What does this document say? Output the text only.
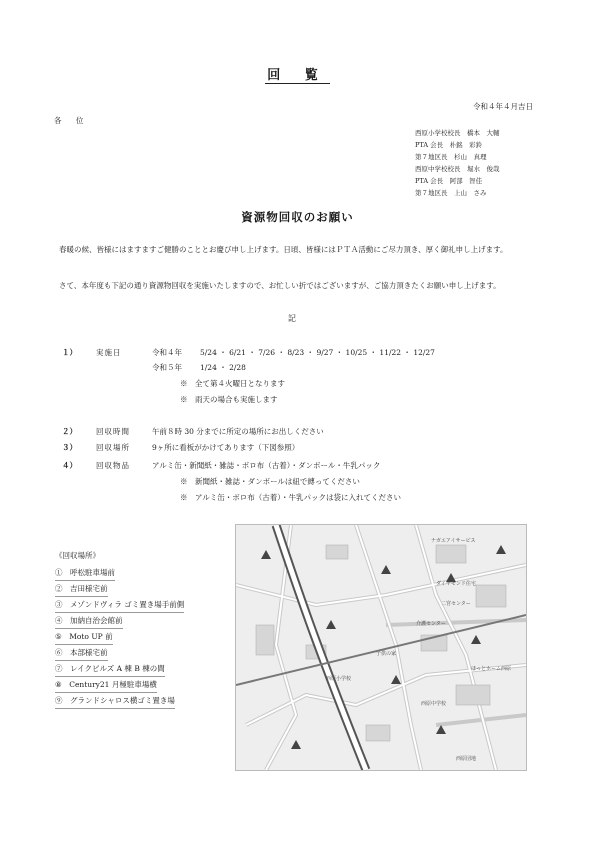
回 覧
令和４年４月吉日
各 位
西原小学校校長　 橋本　大輔
PTA 会長　 朴銘　彩鈴
第７地区長　 杉山　真理
西原中学校校長　 堀水　俊哉
PTA 会長　 阿部　智佳
第７地区長　 上山　さみ
資源物回収のお願い
春暖の候、皆様にはますますご健勝のこととお慶び申し上げます。日頃、皆様にはＰＴＡ活動にご尽力頂き、厚く御礼申し上げます。
さて、本年度も下記の通り資源物回収を実施いたしますので、お忙しい折ではございますが、ご協力頂きたくお願い申し上げます。
記
１）	実施日	令和４年 5/24 ・ 6/21 ・ 7/26 ・ 8/23 ・ 9/27 ・ 10/25 ・ 11/22 ・ 12/27
令和５年 1/24 ・ 2/28
※　全て第４火曜日となります
※　雨天の場合も実施します
２）	回収時間	午前８時 30 分までに所定の場所にお出しください
３）	回収場所	9ヶ所に看板がかけてあります（下図参照）
４）	回収物品	アルミ缶・新聞紙・雑誌・ボロ布（古着）・ダンボール・牛乳パック
※　新聞紙・雑誌・ダンボールは紐で縛ってください
※　アルミ缶・ボロ布（古着）・牛乳パックは袋に入れてください
《回収場所》
①　呼松駐車場前
②　吉田様宅前
③　メゾンドヴィラ ゴミ置き場手前側
④　加納自治会館前
⑤　Moto UP 前
⑥　本部様宅前
⑦　レイクビルズ A 棟 B 棟の間
⑧　Century21 月極駐車場横
⑨　グランドシャロス横ゴミ置き場
ナガエアイサービス
ダイヤモンド住宅
二宮センター
介護センター
ほっとホーム西原
西原中学校
西原小学校
子供の家
西原団地
